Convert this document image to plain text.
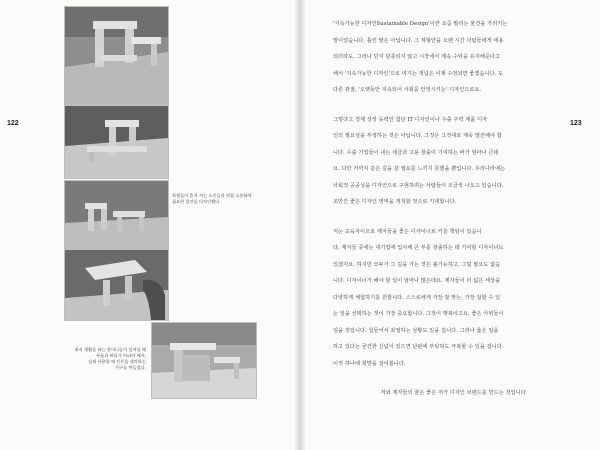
122	123

학생들이 혼자 서는 노인들과 직접 소통하여
필요한 물건을 디자인했다

좌식 생활을 하는 할머니들이 일어날 때
무릎과 허리가 아파야 해서,
실제 사용할 때 튼튼을 생각하는
가구를 만들었다.

'지속가능한 디자인Sustainable Design'이란 요즘 팔리는 물건을 가리키는
말이었습니다. 틀린 말은 아닙니다. 그 제형안을 오랜 시간 사람들에게 애용
되더라도, 그러나 단지 단종되지 않고 시장에서 계속 수익을 유지해준다고
해서 '지속가능한 디자인'으로 여기는 개념은 이제 수정되면 좋겠습니다. 도
다른 관점, '오랫동안 지속되어 사회를 안정시키는' 디자인으로요.
그렇다고 경제 성장 동력인 첨단 IT 디자인이나 수출 주력 제품 디자
인의 필요성을 부정하는 것은 아닙니다. 그것은 그것대로 계속 발전해야 합
니다. 수출 기업들이 내는 세금과 고용 창출이 기여하는 바가 엄마나 큰데
요. 다만 저까지 같은 길을 갈 필요를 느끼지 못했을 뿐입니다. 우리나라에는
사회적 공공성을 디자인으로 구현하려는 사람들이 조금씩 나오고 있습니다.
조만간 좋은 디자인 영역을 개척할 것으로 기대합니다.
저는 교육자이므로 제자들을 좋은 디자이너로 키울 책임이 있습니
다. 제자들 중에는 대기업에 입사해 큰 부를 창출하는 데 기여할 디자이너도
있겠지요. 하지만 모두가 그 길을 가는 것은 불가능하고, 그럴 필요도 없습
니다. 디자이너가 해야 할 일이 엄마나 많은데요. 제자들이 더 넓은 세상을
다양하게 체험하기를 원합니다. 스스로에게 가장 잘 맞는, 가장 잘할 수 있
는 일을 선택하는 것이 가장 중요합니다. 그것이 행복이고요, 좋은 아위들이
일을 것입니다. 힘들어서 좌절하는 상황도 있을 겁니다. 그러나 옳은 일을
하고 있다는 굳건한 신념이 있으면 난관에 부딪혀도 극복할 수 있을 겁니다.
이것 하나에 희망을 걸어봅니다.
저와 제자들의 꿈은 좋은 저가 디자인 브랜드를 만드는 것입니다.
